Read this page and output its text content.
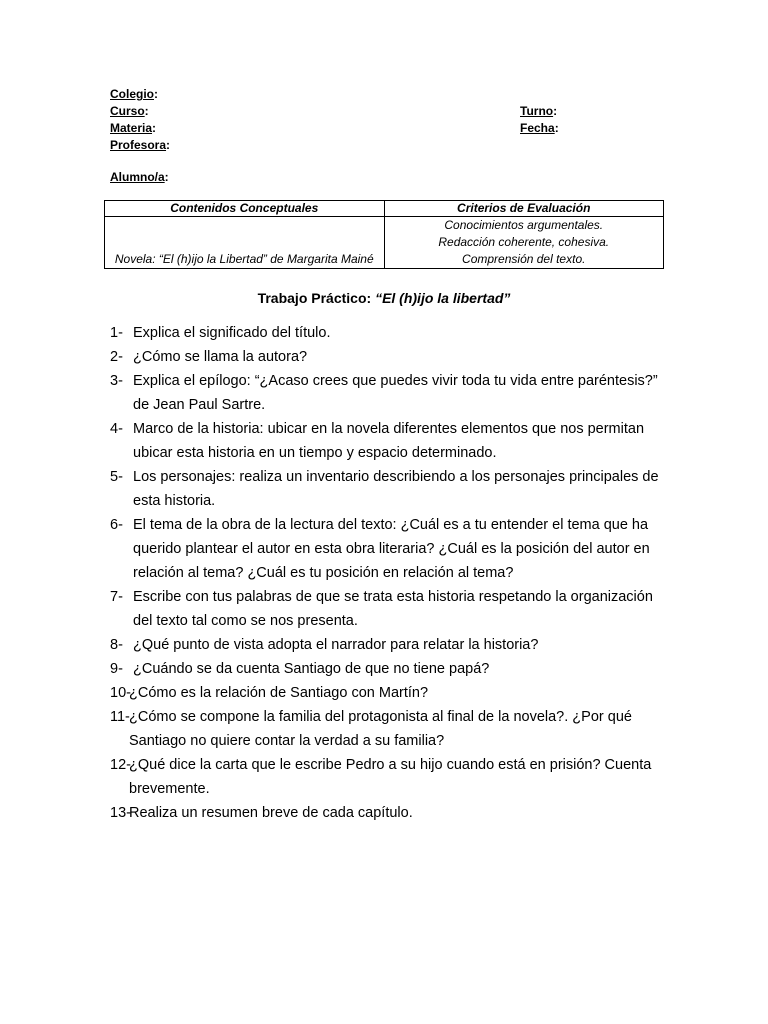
Colegio:
Curso:
Materia:
Profesora:
Turno:
Fecha:
Alumno/a:
Contenidos Conceptuales	Criterios de Evaluación
Novela: “El (h)ijo la Libertad” de Margarita Mainé	Conocimientos argumentales.
Redacción coherente, cohesiva.
Comprensión del texto.
Trabajo Práctico: “El (h)ijo la libertad”
1- Explica el significado del título.
2- ¿Cómo se llama la autora?
3- Explica el epílogo: “¿Acaso crees que puedes vivir toda tu vida entre paréntesis?” de Jean Paul Sartre.
4- Marco de la historia: ubicar en la novela diferentes elementos que nos permitan ubicar esta historia en un tiempo y espacio determinado.
5- Los personajes: realiza un inventario describiendo a los personajes principales de esta historia.
6- El tema de la obra de la lectura del texto: ¿Cuál es a tu entender el tema que ha querido plantear el autor en esta obra literaria? ¿Cuál es la posición del autor en relación al tema? ¿Cuál es tu posición en relación al tema?
7- Escribe con tus palabras de que se trata esta historia respetando la organización del texto tal como se nos presenta.
8- ¿Qué punto de vista adopta el narrador para relatar la historia?
9- ¿Cuándo se da cuenta Santiago de que no tiene papá?
10-
¿Cómo es la relación de Santiago con Martín?
11- ¿Cómo se compone la familia del protagonista al final de la novela?. ¿Por qué Santiago no quiere contar la verdad a su familia?
12-
¿Qué dice la carta que le escribe Pedro a su hijo cuando está en prisión? Cuenta brevemente.
13-
Realiza un resumen breve de cada capítulo.
